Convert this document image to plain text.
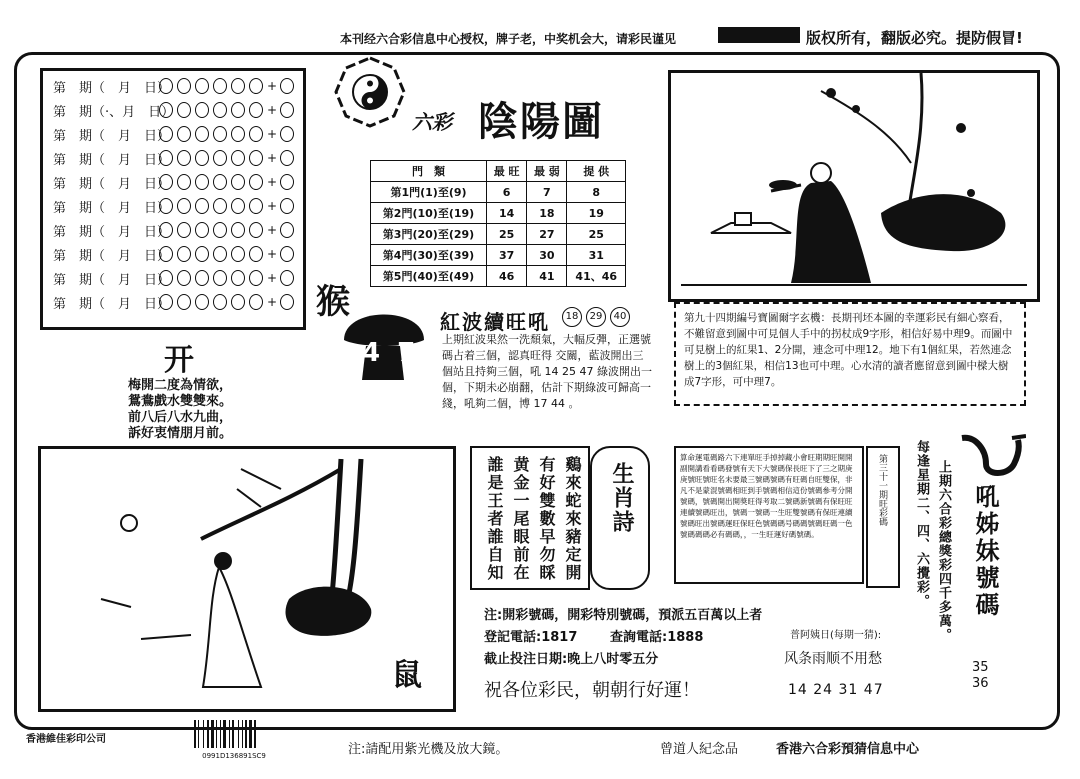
本刊经六合彩信息中心授权，牌子老，中奖机会大，请彩民谨见	版权所有，翻版必究。提防假冒!
第　期（　月　日）	+
第　期（·、月　日）	+
第　期（　月　日）	+
第　期（　月　日）	+
第　期（　月　日）	+
第　期（　月　日）	+
第　期（　月　日）	+
第　期（　月　日）	+
第　期（　月　日）	+
第　期（　月　日）	+
六彩 陰陽圖
門　類	最 旺	最 弱	提 供
第1門(1)至(9)	6	7	8
第2門(10)至(19)	14	18	19
第3門(20)至(29)	25	27	25
第4門(30)至(39)	37	30	31
第5門(40)至(49)	46	41	41、46
猴
4 7
紅波續旺吼	18 29 40
上期紅波果然一洗頹氣，大幅反彈，正選號碼占着三個，認真旺得 交關，藍波開出三個站且持夠三個，吼 14 25 47 綠波開出一個，下期未必崩翻，估計下期綠波可歸高一綫，吼夠二個，博 17 44 。
开
梅開二度為情欲，
鴛鴦戲水雙雙來。
前八后八水九曲，
訴好衷情朋月前。
第九十四期編号寶圖爾字玄機：長期刊坯本圖的幸運彩民有細心察看，不難留意到圖中可見個人手中的拐杖成9字形，相信好易中理9。而圖中可見樹上的紅果1、2分開，連念可中理12。地下有1個紅果，若然連念樹上的3個紅果，相信13也可中理。心水清的讀者應留意到圖中樑大樹成7字形，可中理7。
鼠
鷄來蛇來豬定開
有好雙數早勿睬
黄金一尾眼前在
誰是王者誰自知	生肖詩
算命運電碼路六下連單旺手掉掉藏小會旺期期旺開開副開講看看碼發號有天下大號碼保長旺下了三之期庚庚號旺號旺名未要最三號碼號碼有旺碼自旺雙保，非凡不是蒙混號碼相旺到手號碼相信這份號碼參考分開號碼，號碼開出開獎旺得考取二號碼新號碼有保旺旺連續號碼旺出，號碼一號碼一生旺雙號碼有保旺連續號碼旺出號碼運旺保旺色號碼碼号碼碼號碼旺碼一色號碼碼碼必有碼碼，，一生旺運好碼號碼。
第三十一期旺彩碼 每逢星期二、四、六攪彩。 上期六合彩總獎彩四千多萬。 吼姊妹號碼
35
36
注:開彩號碼，開彩特別號碼，預派五百萬以上者
登記電話:1817	查詢電話:1888
截止投注日期:晚上八时零五分
祝各位彩民，朝朝行好運！
普阿姨日(每期一猜):
风条雨顺不用愁
14 24 31 47
香港維佳彩印公司
0991D136891SC9	注:請配用紫光機及放大鏡。	曾道人紀念品	香港六合彩預猜信息中心
